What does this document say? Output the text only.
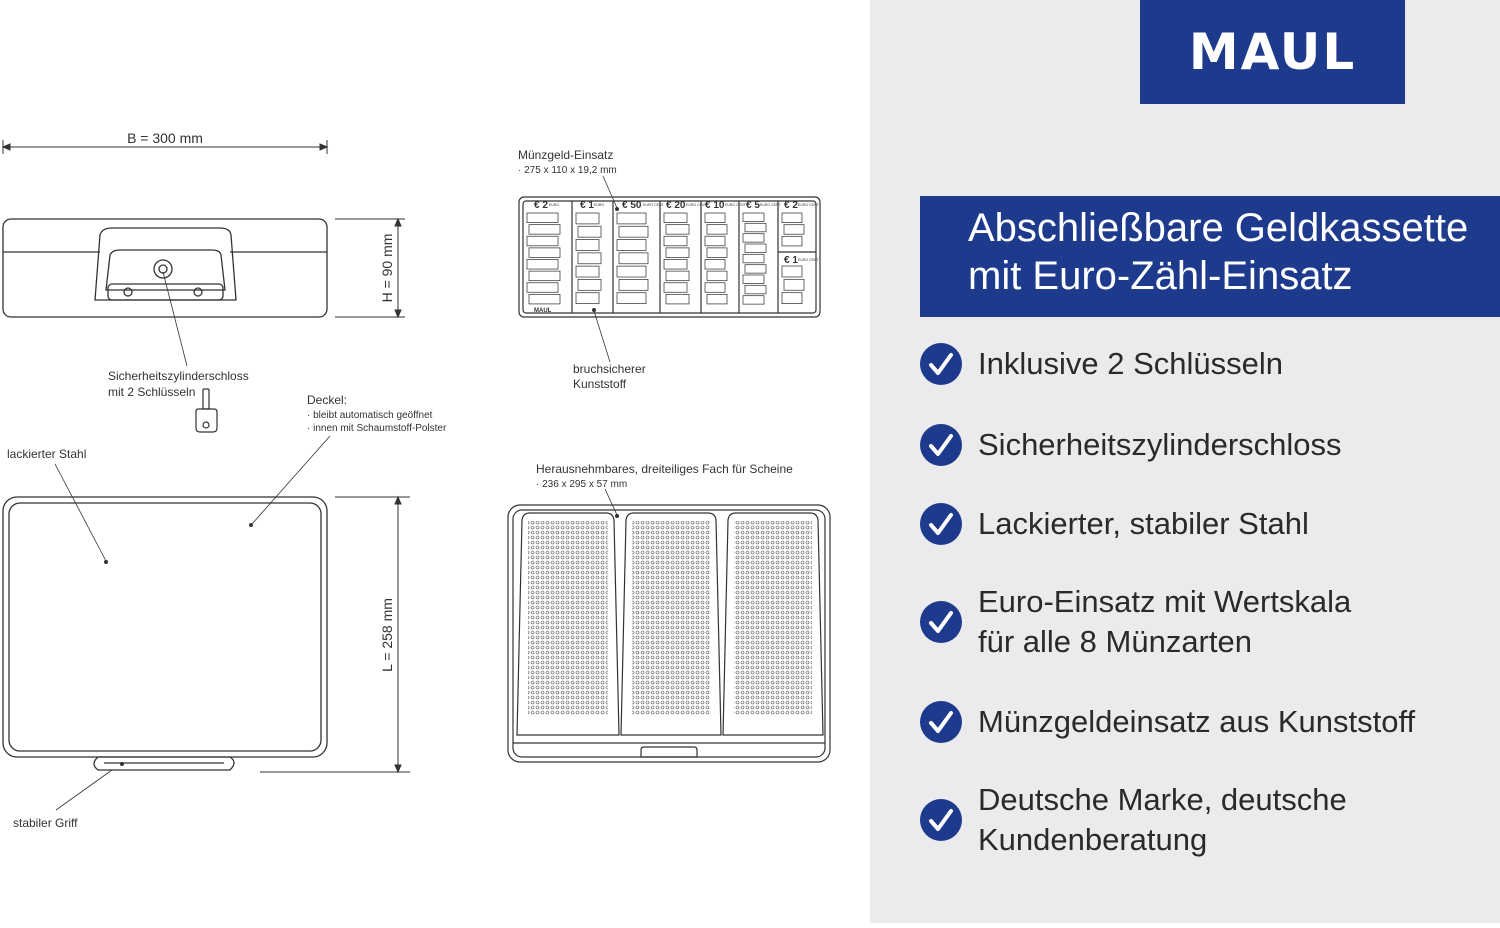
B = 300 mm
H = 90 mm
Sicherheitszylinderschloss
mit 2 Schlüsseln
Deckel:
· bleibt automatisch geöffnet
· innen mit Schaumstoff-Polster
lackierter Stahl
L = 258 mm
stabiler Griff
Münzgeld-Einsatz
· 275 x 110 x 19,2 mm
€ 2	€ 1	€ 50 € 20 € 10 € 5 € 2
€ 1
EURO	EURO	EURO CENT	EURO CENT	EURO CENT	EURO CENT	EURO CENT
EURO CENT
MAUL
bruchsicherer
Kunststoff
Herausnehmbares, dreiteiliges Fach für Scheine
· 236 x 295 x 57 mm
MAUL
Abschließbare Geldkassette
mit Euro-Zähl-Einsatz
Inklusive 2 Schlüsseln
Sicherheitszylinderschloss
Lackierter, stabiler Stahl
Euro-Einsatz mit Wertskala
für alle 8 Münzarten
Münzgeldeinsatz aus Kunststoff
Deutsche Marke, deutsche
Kundenberatung
